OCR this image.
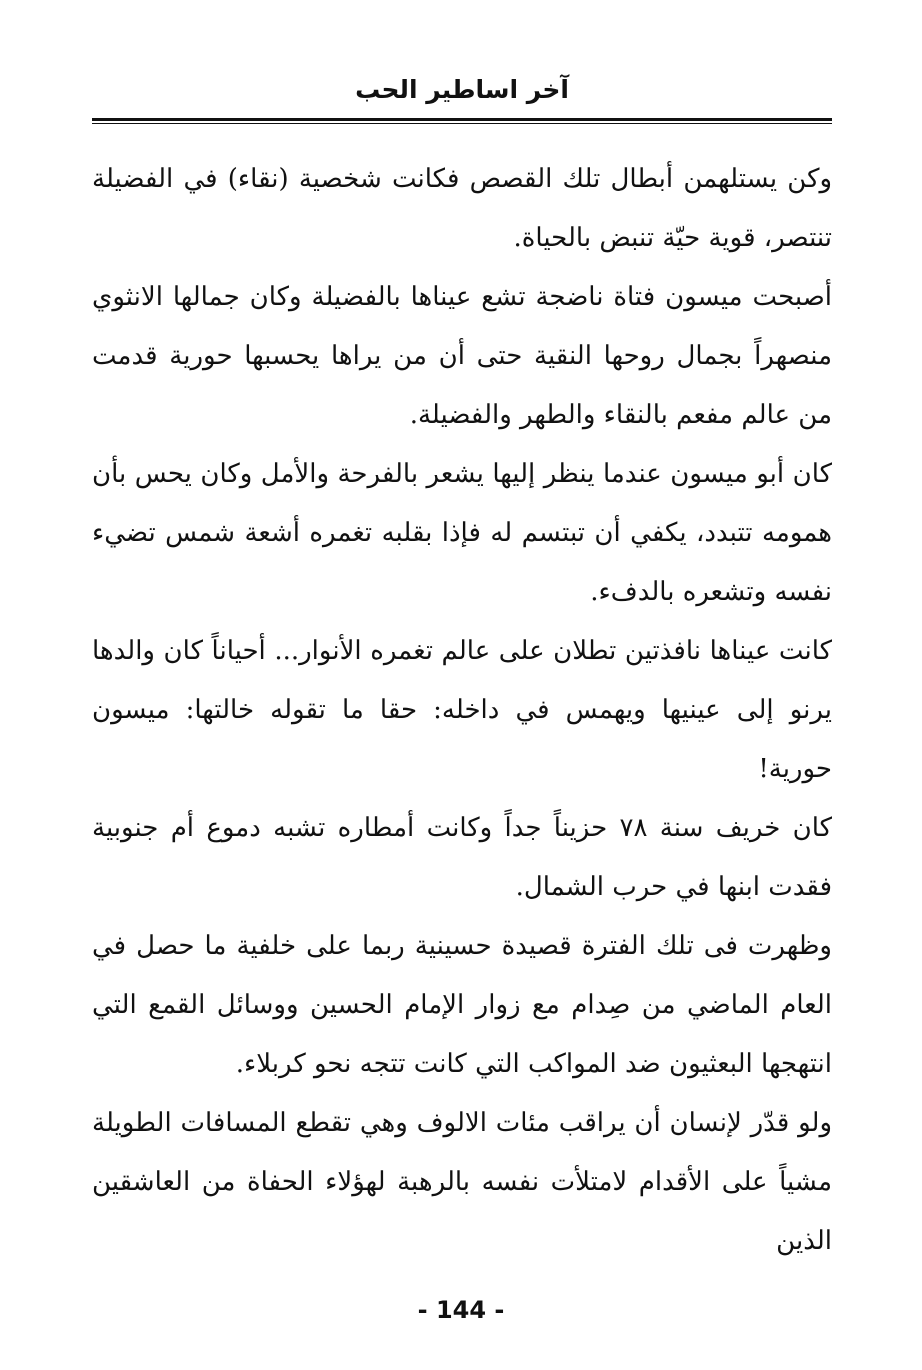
آخر اساطير الحب

وكن يستلهمن أبطال تلك القصص فكانت شخصية (نقاء) في الفضيلة تنتصر، قوية حيّة تنبض بالحياة.

أصبحت ميسون فتاة ناضجة تشع عيناها بالفضيلة وكان جمالها الانثوي منصهراً بجمال روحها النقية حتى أن من يراها يحسبها حورية قدمت من عالم مفعم بالنقاء والطهر والفضيلة.

كان أبو ميسون عندما ينظر إليها يشعر بالفرحة والأمل وكان يحس بأن همومه تتبدد، يكفي أن تبتسم له فإذا بقلبه تغمره أشعة شمس تضيء نفسه وتشعره بالدفء.

كانت عيناها نافذتين تطلان على عالم تغمره الأنوار... أحياناً كان والدها يرنو إلى عينيها ويهمس في داخله: حقا ما تقوله خالتها: ميسون حورية!

كان خريف سنة ٧٨ حزيناً جداً وكانت أمطاره تشبه دموع أم جنوبية فقدت ابنها في حرب الشمال.

وظهرت فى تلك الفترة قصيدة حسينية ربما على خلفية ما حصل في العام الماضي من صِدام مع زوار الإمام الحسين ووسائل القمع التي انتهجها البعثيون ضد المواكب التي كانت تتجه نحو كربلاء.

ولو قدّر لإنسان أن يراقب مئات الالوف وهي تقطع المسافات الطويلة مشياً على الأقدام لامتلأت نفسه بالرهبة لهؤلاء الحفاة من العاشقين الذين

- 144 -
